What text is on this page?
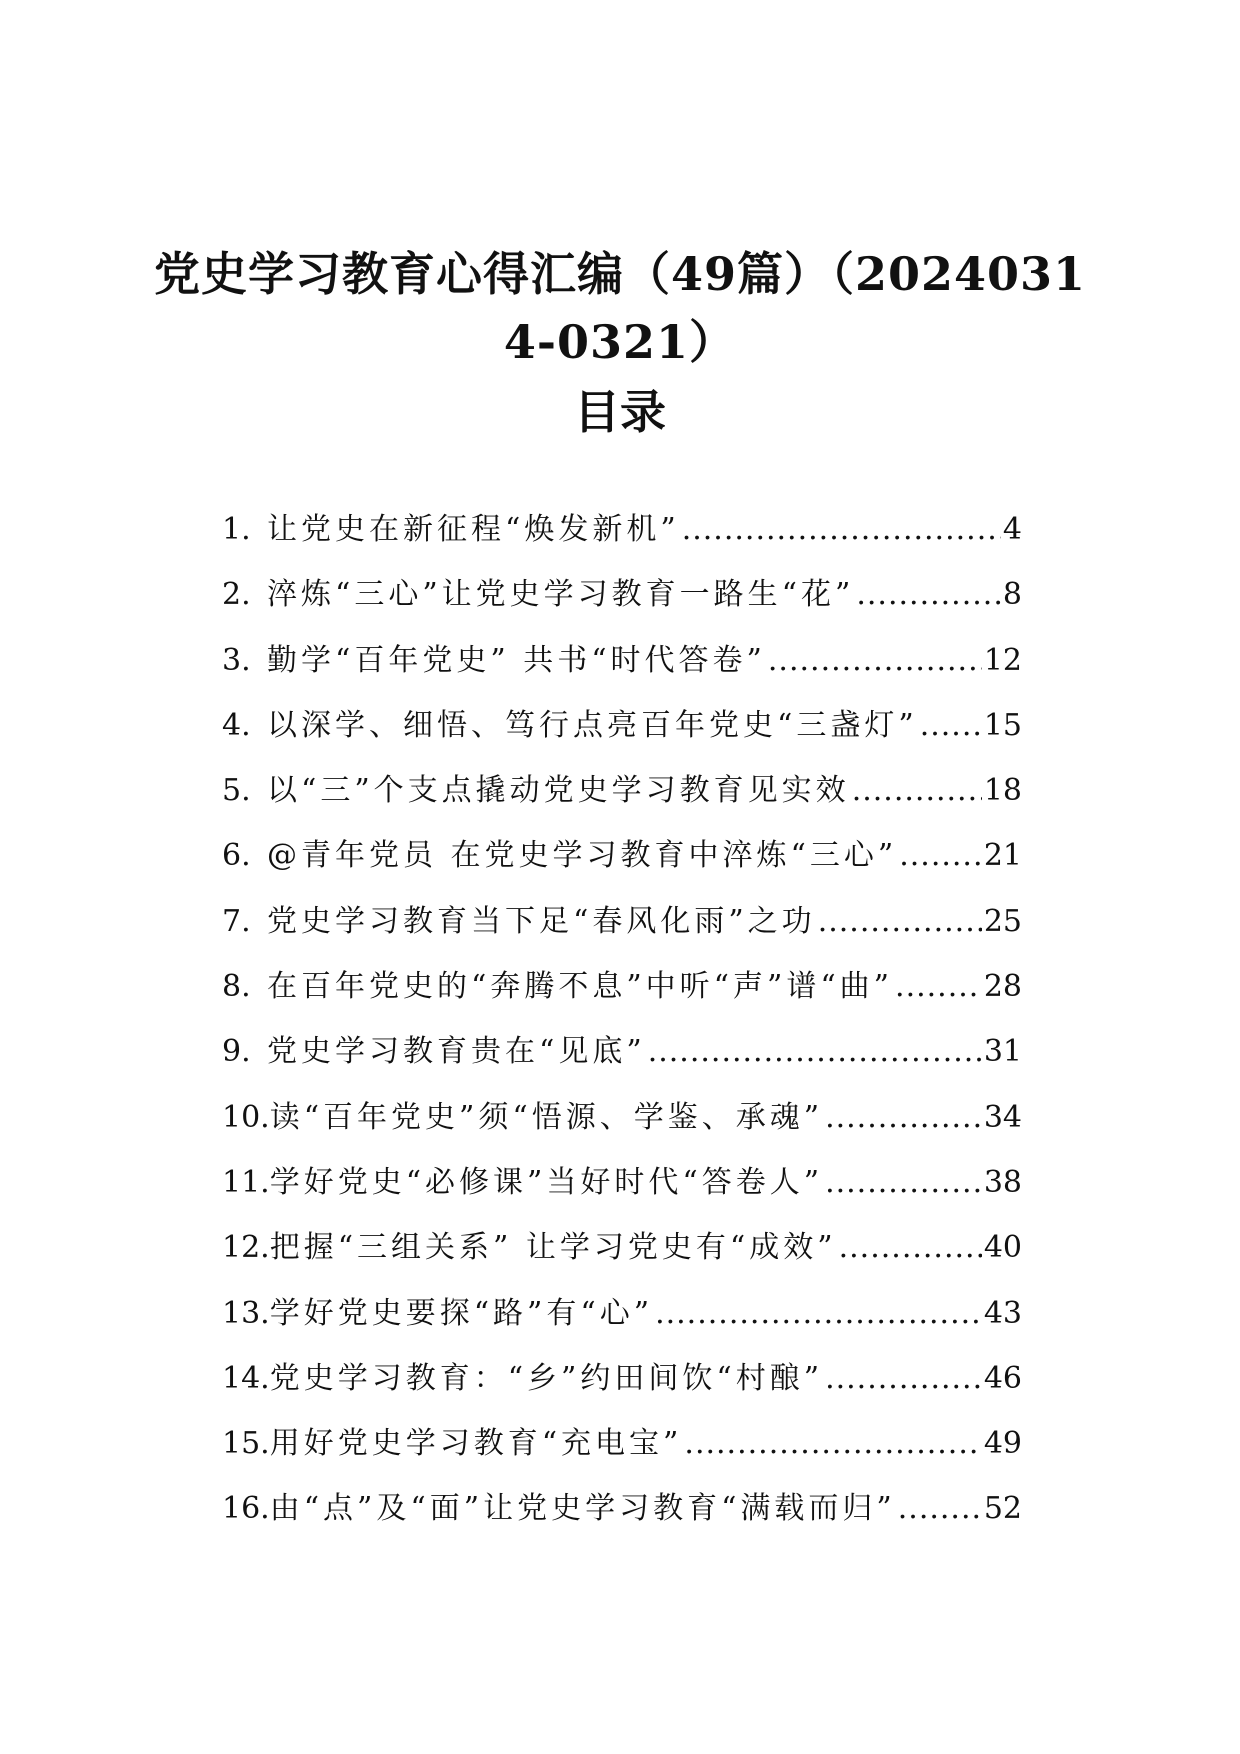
党史学习教育心得汇编（49篇）（2024031
4-0321）
目录
1. 让党史在新征程“焕发新机” .....	4
2. 淬炼“三心”让党史学习教育一路生“花” .....	8
3. 勤学“百年党史” 共书“时代答卷” .....	12
4. 以深学、细悟、笃行点亮百年党史“三盏灯” ..... 15
5. 以“三”个支点撬动党史学习教育见实效 .....	18
6. @青年党员 在党史学习教育中淬炼“三心” .....	21
7. 党史学习教育当下足“春风化雨”之功 .....	25
8. 在百年党史的“奔腾不息”中听“声”谱“曲” .....	28
9. 党史学习教育贵在“见底” .....	31
10. 读“百年党史”须“悟源、学鉴、承魂” .....	34
11. 学好党史“必修课”当好时代“答卷人” .....	38
12. 把握“三组关系” 让学习党史有“成效” .....	40
13. 学好党史要探“路”有“心” .....	43
14. 党史学习教育：“乡”约田间饮“村酿” .....	46
15. 用好党史学习教育“充电宝” .....	49
16. 由“点”及“面”让党史学习教育“满载而归” .....	52
